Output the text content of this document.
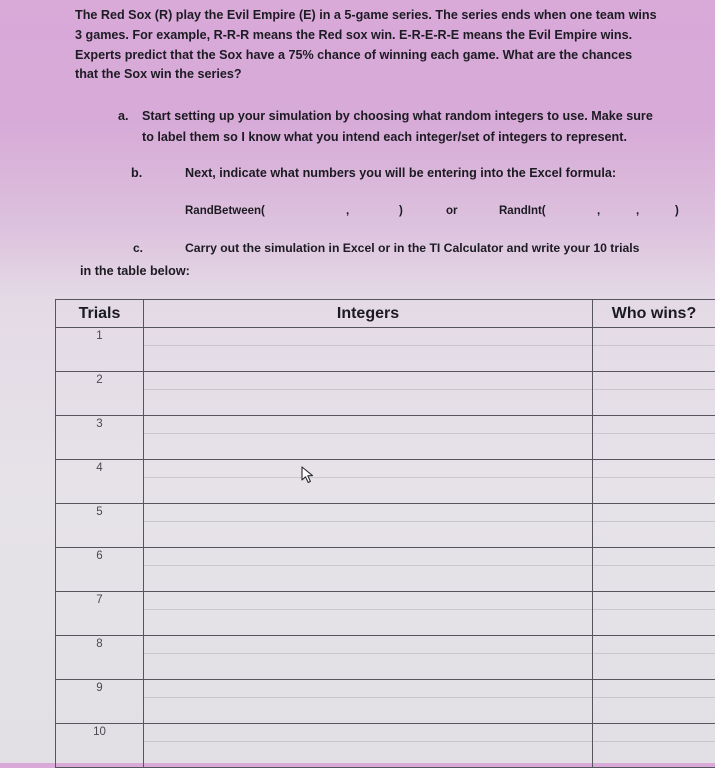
The Red Sox (R) play the Evil Empire (E) in a 5-game series. The series ends when one team wins
3 games. For example, R-R-R means the Red sox win. E-R-E-R-E means the Evil Empire wins.
Experts predict that the Sox have a 75% chance of winning each game. What are the chances
that the Sox win the series?
a. Start setting up your simulation by choosing what random integers to use. Make sure
to label them so I know what you intend each integer/set of integers to represent.
b.	Next, indicate what numbers you will be entering into the Excel formula:
RandBetween(	,	)	or	RandInt(	,	,	)
c.	Carry out the simulation in Excel or in the TI Calculator and write your 10 trials
in the table below:
Trials	Integers	Who wins?
1		
2		
3		
4		
5		
6		
7		
8		
9		
10		
